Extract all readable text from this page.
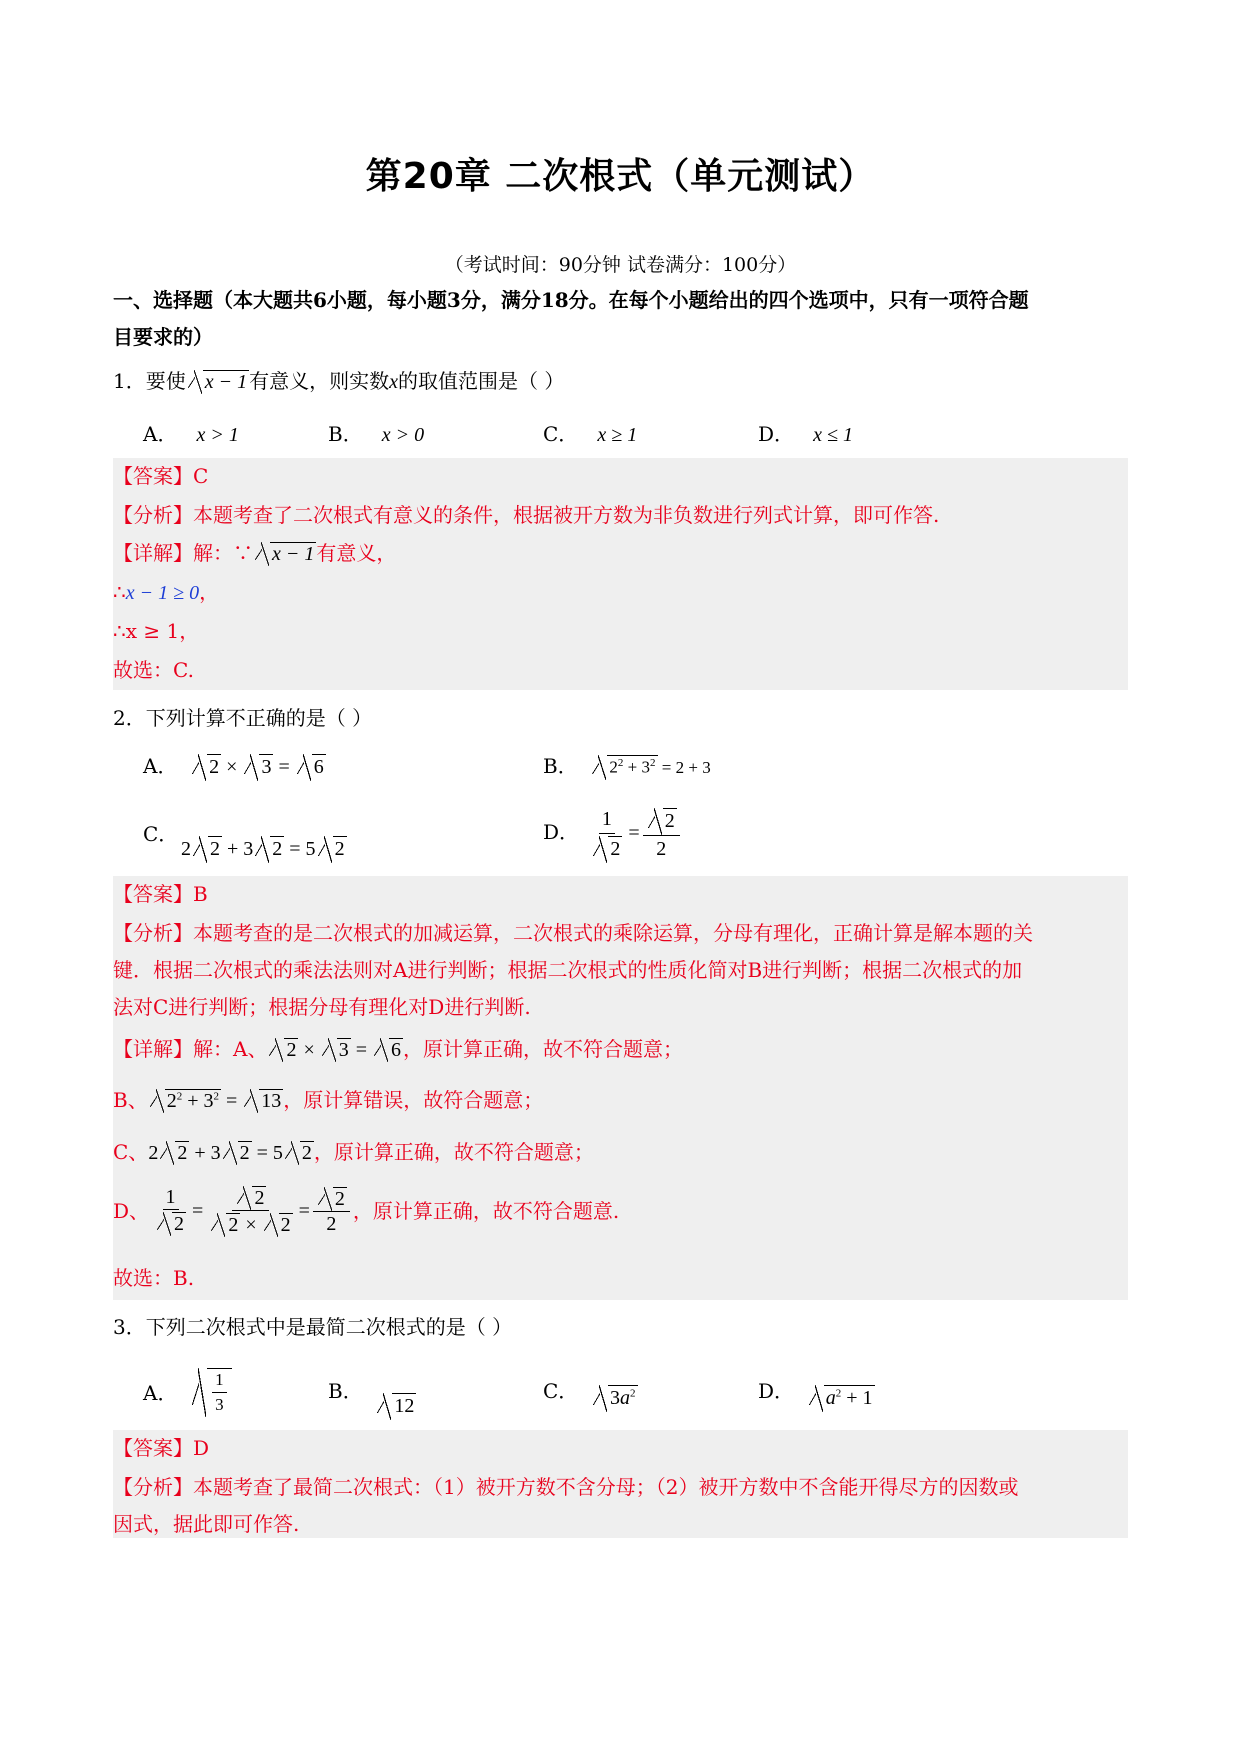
第20章 二次根式（单元测试）
（考试时间：90分钟 试卷满分：100分）
一、选择题（本大题共6小题，每小题3分，满分18分。在每个小题给出的四个选项中，只有一项符合题
目要求的）
1．要使 x − 1 有意义，则实数x的取值范围是（ ）
A． x > 1	B． x > 0	C． x ≥ 1	D． x ≤ 1
【答案】C
【分析】本题考查了二次根式有意义的条件，根据被开方数为非负数进行列式计算，即可作答.
【详解】解：∵ x − 1 有意义，
∴x − 1 ≥ 0，
∴x ≥ 1，
故选：C.
2．下列计算不正确的是（ ）
A． 2 × 3 = 6	B． $2^2 + 3^2 = 2 + 3$
C．
2 2 + 3 2 = 5 2
D． $\frac{1}{2} = \frac{2}{2}$
【答案】B
【分析】本题考查的是二次根式的加减运算，二次根式的乘除运算，分母有理化，正确计算是解本题的关
键．根据二次根式的乘法法则对A进行判断；根据二次根式的性质化简对B进行判断；根据二次根式的加
法对C进行判断；根据分母有理化对D进行判断.
【详解】解：A、 2 × 3 = 6 ，原计算正确，故不符合题意；
B、 $2^2 + 3^2 = 13$ ，原计算错误，故符合题意；
C、2 2 + 3 2 = 5 2 ，原计算正确，故不符合题意；
D、 $\frac{1}{2} = \frac{2}{2 \times 2} = \frac{2}{2}$ ，原计算正确，故不符合题意.
故选：B.
3．下列二次根式中是最简二次根式的是（ ）
A．
$\frac{1}{3}$	B．  12
C． $3a^2$	D． $a^2 + 1$
【答案】D
【分析】本题考查了最简二次根式：（1）被开方数不含分母；（2）被开方数中不含能开得尽方的因数或
因式，据此即可作答.
